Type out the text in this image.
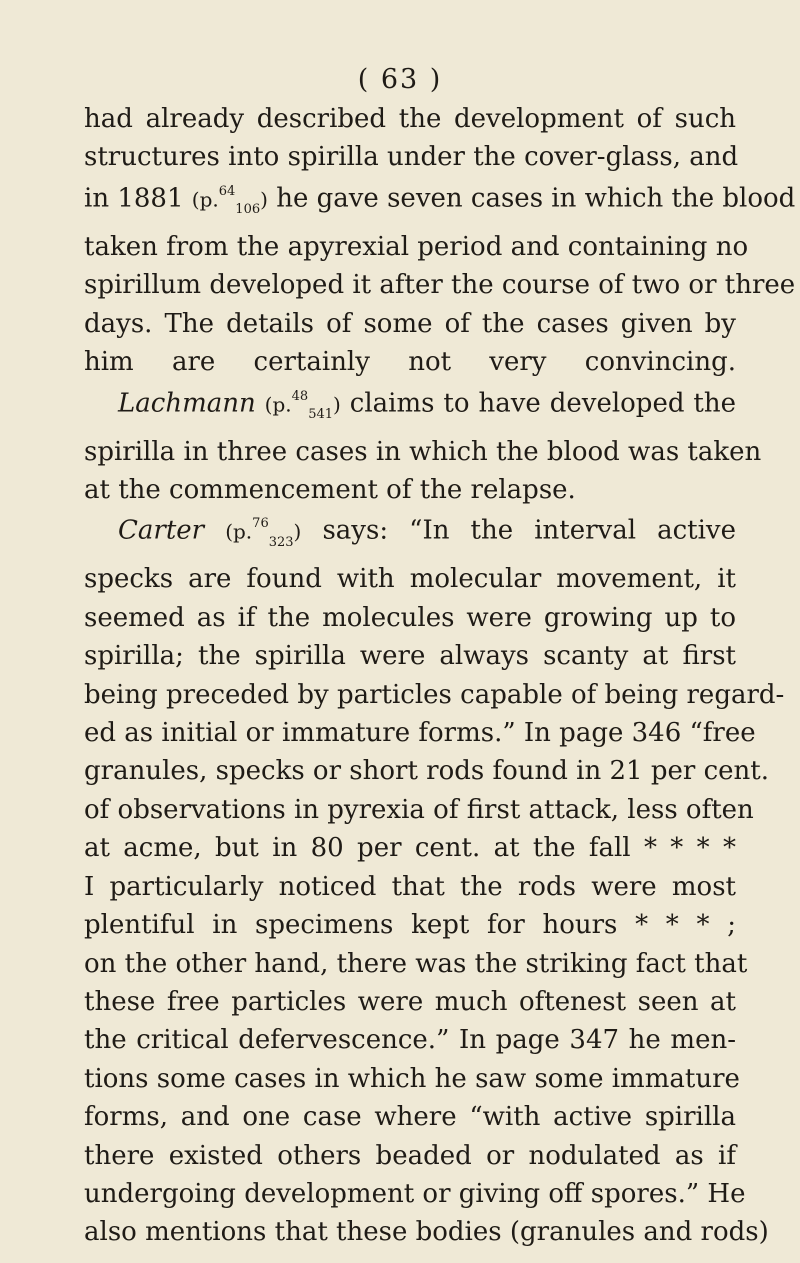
( 63 )
had already described the development of such
structures into spirilla under the cover-glass, and
in 1881 (p.$^{64}_{106}$) he gave seven cases in which the blood
taken from the apyrexial period and containing no
spirillum developed it after the course of two or three
days. The details of some of the cases given by
him are certainly not very convincing.
Lachmann (p.$^{48}_{541}$) claims to have developed the
spirilla in three cases in which the blood was taken
at the commencement of the relapse.
Carter (p.$^{76}_{323}$) says: “In the interval active
specks are found with molecular movement, it
seemed as if the molecules were growing up to
spirilla; the spirilla were always scanty at first
being preceded by particles capable of being regard-
ed as initial or immature forms.” In page 346 “free
granules, specks or short rods found in 21 per cent.
of observations in pyrexia of first attack, less often
at acme, but in 80 per cent. at the fall * * * *
I particularly noticed that the rods were most
plentiful in specimens kept for hours * * * ;
on the other hand, there was the striking fact that
these free particles were much oftenest seen at
the critical defervescence.” In page 347 he men-
tions some cases in which he saw some immature
forms, and one case where “with active spirilla
there existed others beaded or nodulated as if
undergoing development or giving off spores.” He
also mentions that these bodies (granules and rods)
